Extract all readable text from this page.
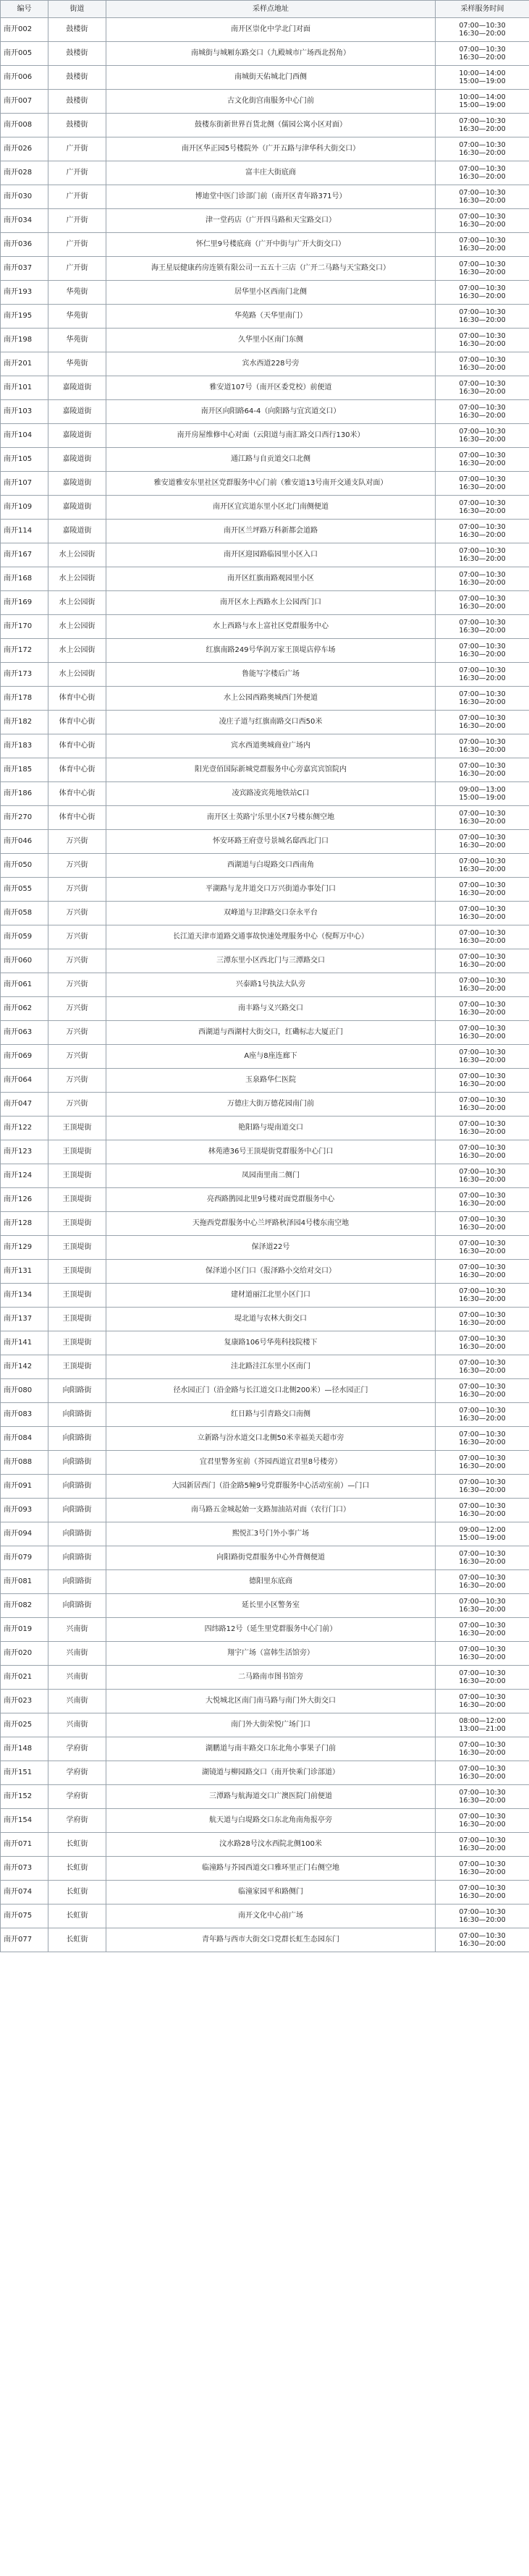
编号	街道	采样点地址	采样服务时间
南开002	鼓楼街	南开区崇化中学北门对面	07:00—10:30
16:30—20:00
南开005	鼓楼街	南城街与城厢东路交口（九殿城市广场西北拐角）	07:00—10:30
16:30—20:00
南开006	鼓楼街	南城街天佑城北门西侧	10:00—14:00
15:00—19:00
南开007	鼓楼街	古文化街宫南服务中心门前	10:00—14:00
15:00—19:00
南开008	鼓楼街	鼓楼东街新世界百货北侧（儒园公寓小区对面）	07:00—10:30
16:30—20:00
南开026	广开街	南开区华正园5号楼院外（广开五路与津华科大街交口）	07:00—10:30
16:30—20:00
南开028	广开街	富丰庄大街底商	07:00—10:30
16:30—20:00
南开030	广开街	博迪堂中医门诊部门前（南开区青年路371号）	07:00—10:30
16:30—20:00
南开034	广开街	津一堂药店（广开四马路和天宝路交口）	07:00—10:30
16:30—20:00
南开036	广开街	怀仁里9号楼底商（广开中街与广开大街交口）	07:00—10:30
16:30—20:00
南开037	广开街	海王星辰健康药房连锁有限公司一五五十三店（广开二马路与天宝路交口）	07:00—10:30
16:30—20:00
南开193	华苑街	居华里小区西南门北侧	07:00—10:30
16:30—20:00
南开195	华苑街	华苑路（天华里南门）	07:00—10:30
16:30—20:00
南开198	华苑街	久华里小区南门东侧	07:00—10:30
16:30—20:00
南开201	华苑街	宾水西道228号旁	07:00—10:30
16:30—20:00
南开101	嘉陵道街	雅安道107号（南开区委党校）前便道	07:00—10:30
16:30—20:00
南开103	嘉陵道街	南开区向阳路64-4（向阳路与宜宾道交口）	07:00—10:30
16:30—20:00
南开104	嘉陵道街	南开房屋维修中心对面（云阳道与南汇路交口西行130米）	07:00—10:30
16:30—20:00
南开105	嘉陵道街	通江路与自贡道交口北侧	07:00—10:30
16:30—20:00
南开107	嘉陵道街	雅安道雅安东里社区党群服务中心门前（雅安道13号南开交通支队对面）	07:00—10:30
16:30—20:00
南开109	嘉陵道街	南开区宜宾道东里小区北门南侧便道	07:00—10:30
16:30—20:00
南开114	嘉陵道街	南开区兰坪路万科新都会道路	07:00—10:30
16:30—20:00
南开167	水上公园街	南开区迎园路临园里小区入口	07:00—10:30
16:30—20:00
南开168	水上公园街	南开区红旗南路观园里小区	07:00—10:30
16:30—20:00
南开169	水上公园街	南开区水上西路水上公园西门口	07:00—10:30
16:30—20:00
南开170	水上公园街	水上西路与水上富社区党群服务中心	07:00—10:30
16:30—20:00
南开172	水上公园街	红旗南路249号华润万家王顶堤店停车场	07:00—10:30
16:30—20:00
南开173	水上公园街	鲁能写字楼后广场	07:00—10:30
16:30—20:00
南开178	体育中心街	水上公园西路奥城西门外便道	07:00—10:30
16:30—20:00
南开182	体育中心街	凌庄子道与红旗南路交口西50米	07:00—10:30
16:30—20:00
南开183	体育中心街	宾水西道奥城商业广场内	07:00—10:30
16:30—20:00
南开185	体育中心街	阳光壹佰国际新城党群服务中心旁嘉宾宾馆院内	07:00—10:30
16:30—20:00
南开186	体育中心街	凌宾路凌宾苑地铁站C口	09:00—13:00
15:00—19:00
南开270	体育中心街	南开区士英路宁乐里小区7号楼东侧空地	07:00—10:30
16:30—20:00
南开046	万兴街	怀安环路王府壹号景城名邸西北门口	07:00—10:30
16:30—20:00
南开050	万兴街	西湖道与白堤路交口西南角	07:00—10:30
16:30—20:00
南开055	万兴街	平湖路与龙井道交口万兴街道办事处门口	07:00—10:30
16:30—20:00
南开058	万兴街	双峰道与卫津路交口奈永平台	07:00—10:30
16:30—20:00
南开059	万兴街	长江道天津市道路交通事故快速处理服务中心（倪辉万中心）	07:00—10:30
16:30—20:00
南开060	万兴街	三潭东里小区西北门与三潭路交口	07:00—10:30
16:30—20:00
南开061	万兴街	兴泰路1号执法大队旁	07:00—10:30
16:30—20:00
南开062	万兴街	南丰路与义兴路交口	07:00—10:30
16:30—20:00
南开063	万兴街	西湖道与西湖村大街交口，红磡标志大厦正门	07:00—10:30
16:30—20:00
南开069	万兴街	A座与8座连廊下	07:00—10:30
16:30—20:00
南开064	万兴街	玉泉路华仁医院	07:00—10:30
16:30—20:00
南开047	万兴街	万德庄大街万德花园南门前	07:00—10:30
16:30—20:00
南开122	王顶堤街	艳阳路与堤南道交口	07:00—10:30
16:30—20:00
南开123	王顶堤街	林苑港36号王顶堤街党群服务中心门口	07:00—10:30
16:30—20:00
南开124	王顶堤街	凤园南里南二侧门	07:00—10:30
16:30—20:00
南开126	王顶堤街	亮西路鹊园北里9号楼对面党群服务中心	07:00—10:30
16:30—20:00
南开128	王顶堤街	天拖西党群服务中心兰坪路秋泽园4号楼东南空地	07:00—10:30
16:30—20:00
南开129	王顶堤街	保泽道22号	07:00—10:30
16:30—20:00
南开131	王顶堤街	保泽道小区门口（报泽路小交给对交口）	07:00—10:30
16:30—20:00
南开134	王顶堤街	建材道丽江北里小区门口	07:00—10:30
16:30—20:00
南开137	王顶堤街	堤北道与农林大街交口	07:00—10:30
16:30—20:00
南开141	王顶堤街	复康路106号华苑科技院楼下	07:00—10:30
16:30—20:00
南开142	王顶堤街	洼北路洼江东里小区南门	07:00—10:30
16:30—20:00
南开080	向阳路街	径水园正门（沿金路与长江道交口北侧200米）—径水园正门	07:00—10:30
16:30—20:00
南开083	向阳路街	红日路与引青路交口南侧	07:00—10:30
16:30—20:00
南开084	向阳路街	立新路与汾水道交口北侧50米幸福美天超市旁	07:00—10:30
16:30—20:00
南开088	向阳路街	宜君里警务室前（芥园西道宜君里8号楼旁）	07:00—10:30
16:30—20:00
南开091	向阳路街	大园新居西门（沿金路5幢9号党群服务中心活动室前）—门口	07:00—10:30
16:30—20:00
南开093	向阳路街	南马路五金城起始一支路加油站对面（农行门口）	07:00—10:30
16:30—20:00
南开094	向阳路街	熙悦汇3号门外小事广场	09:00—12:00
15:00—19:00
南开079	向阳路街	向阳路街党群服务中心外背侧便道	07:00—10:30
16:30—20:00
南开081	向阳路街	德阳里东底商	07:00—10:30
16:30—20:00
南开082	向阳路街	延长里小区警务室	07:00—10:30
16:30—20:00
南开019	兴南街	四纬路12号（延生里党群服务中心门前）	07:00—10:30
16:30—20:00
南开020	兴南街	翔宇广场（富韩生活馆旁）	07:00—10:30
16:30—20:00
南开021	兴南街	二马路南市图书馆旁	07:00—10:30
16:30—20:00
南开023	兴南街	大悦城北区南门南马路与南门外大街交口	07:00—10:30
16:30—20:00
南开025	兴南街	南门外大街荣悦广场门口	08:00—12:00
13:00—21:00
南开148	学府街	湖鹏道与南丰路交口东北角小事果子门前	07:00—10:30
16:30—20:00
南开151	学府街	湖镜道与柳园路交口（南开快乘门诊部道）	07:00—10:30
16:30—20:00
南开152	学府街	三潭路与航海道交口广澳医院门前便道	07:00—10:30
16:30—20:00
南开154	学府街	航天道与白堤路交口东北角南角报亭旁	07:00—10:30
16:30—20:00
南开071	长虹街	汶水路28号汶水西院北侧100米	07:00—10:30
16:30—20:00
南开073	长虹街	临潼路与芥园西道交口雅环里正门右侧空地	07:00—10:30
16:30—20:00
南开074	长虹街	临潼家园平和路侧门	07:00—10:30
16:30—20:00
南开075	长虹街	南开文化中心前广场	07:00—10:30
16:30—20:00
南开077	长虹街	青年路与西市大街交口党群长虹生态园东门	07:00—10:30
16:30—20:00
